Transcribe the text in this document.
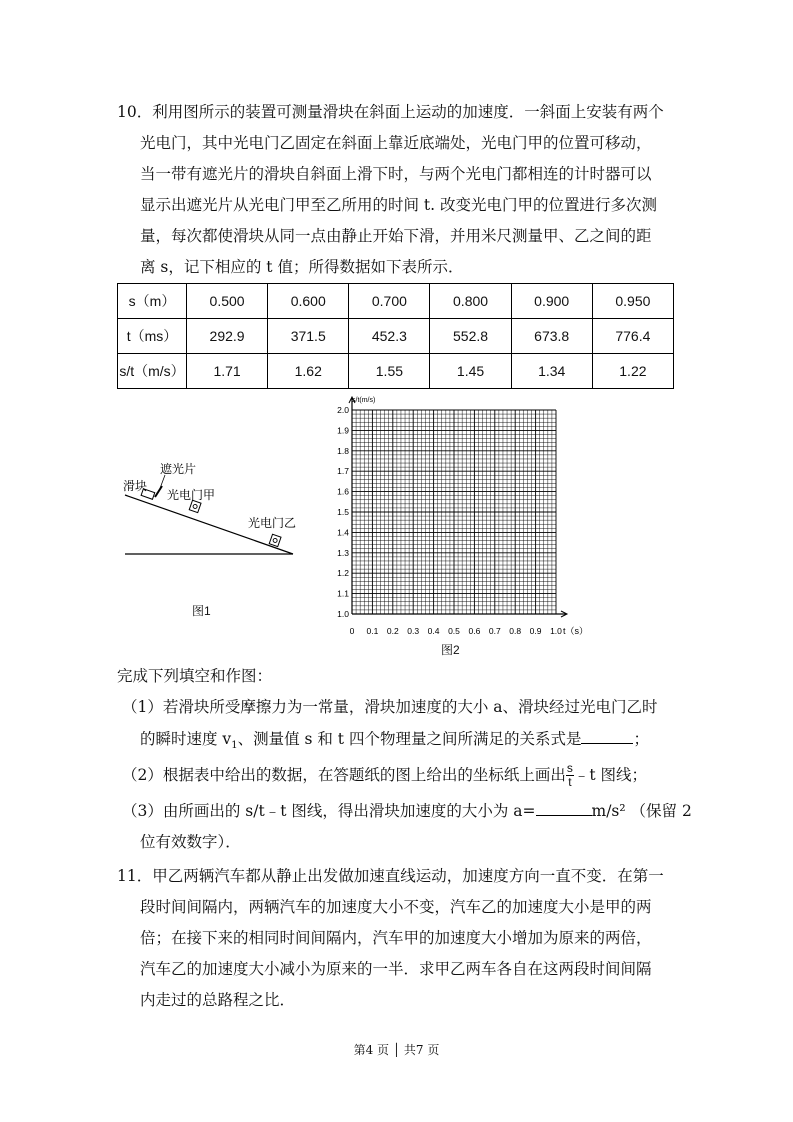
10．利用图所示的装置可测量滑块在斜面上运动的加速度．一斜面上安装有两个
光电门，其中光电门乙固定在斜面上靠近底端处，光电门甲的位置可移动，
当一带有遮光片的滑块自斜面上滑下时，与两个光电门都相连的计时器可以
显示出遮光片从光电门甲至乙所用的时间 t. 改变光电门甲的位置进行多次测
量，每次都使滑块从同一点由静止开始下滑，并用米尺测量甲、乙之间的距
离 s，记下相应的 t 值；所得数据如下表所示．
s（m）	0.500	0.600	0.700	0.800	0.900	0.950
t（ms）	292.9	371.5	452.3	552.8	673.8	776.4
s/t（m/s）	1.71	1.62	1.55	1.45	1.34	1.22
滑块
遮光片
光电门甲
光电门乙
图1
2.0
1.9
1.8
1.7
1.6
1.5
1.4
1.3
1.2
1.1
1.0
0 0.1 0.2 0.3 0.4 0.5 0.6 0.7 0.8 0.9 1.0
s/t(m/s)
t（s）
图2
完成下列填空和作图：
（1）若滑块所受摩擦力为一常量，滑块加速度的大小 a、滑块经过光电门乙时
的瞬时速度 $v_1$、测量值 s 和 t 四个物理量之间所满足的关系式是	；
（2）根据表中给出的数据，在答题纸的图上给出的坐标纸上画出 $\frac{s}{t}$ ﹣t 图线；
（3）由所画出的 s/t﹣t 图线，得出滑块加速度的大小为 a=	m/s² （保留 2
位有效数字）．
11．甲乙两辆汽车都从静止出发做加速直线运动，加速度方向一直不变．在第一
段时间间隔内，两辆汽车的加速度大小不变，汽车乙的加速度大小是甲的两
倍；在接下来的相同时间间隔内，汽车甲的加速度大小增加为原来的两倍，
汽车乙的加速度大小减小为原来的一半．求甲乙两车各自在这两段时间间隔
内走过的总路程之比．
第4 页 │ 共7 页
